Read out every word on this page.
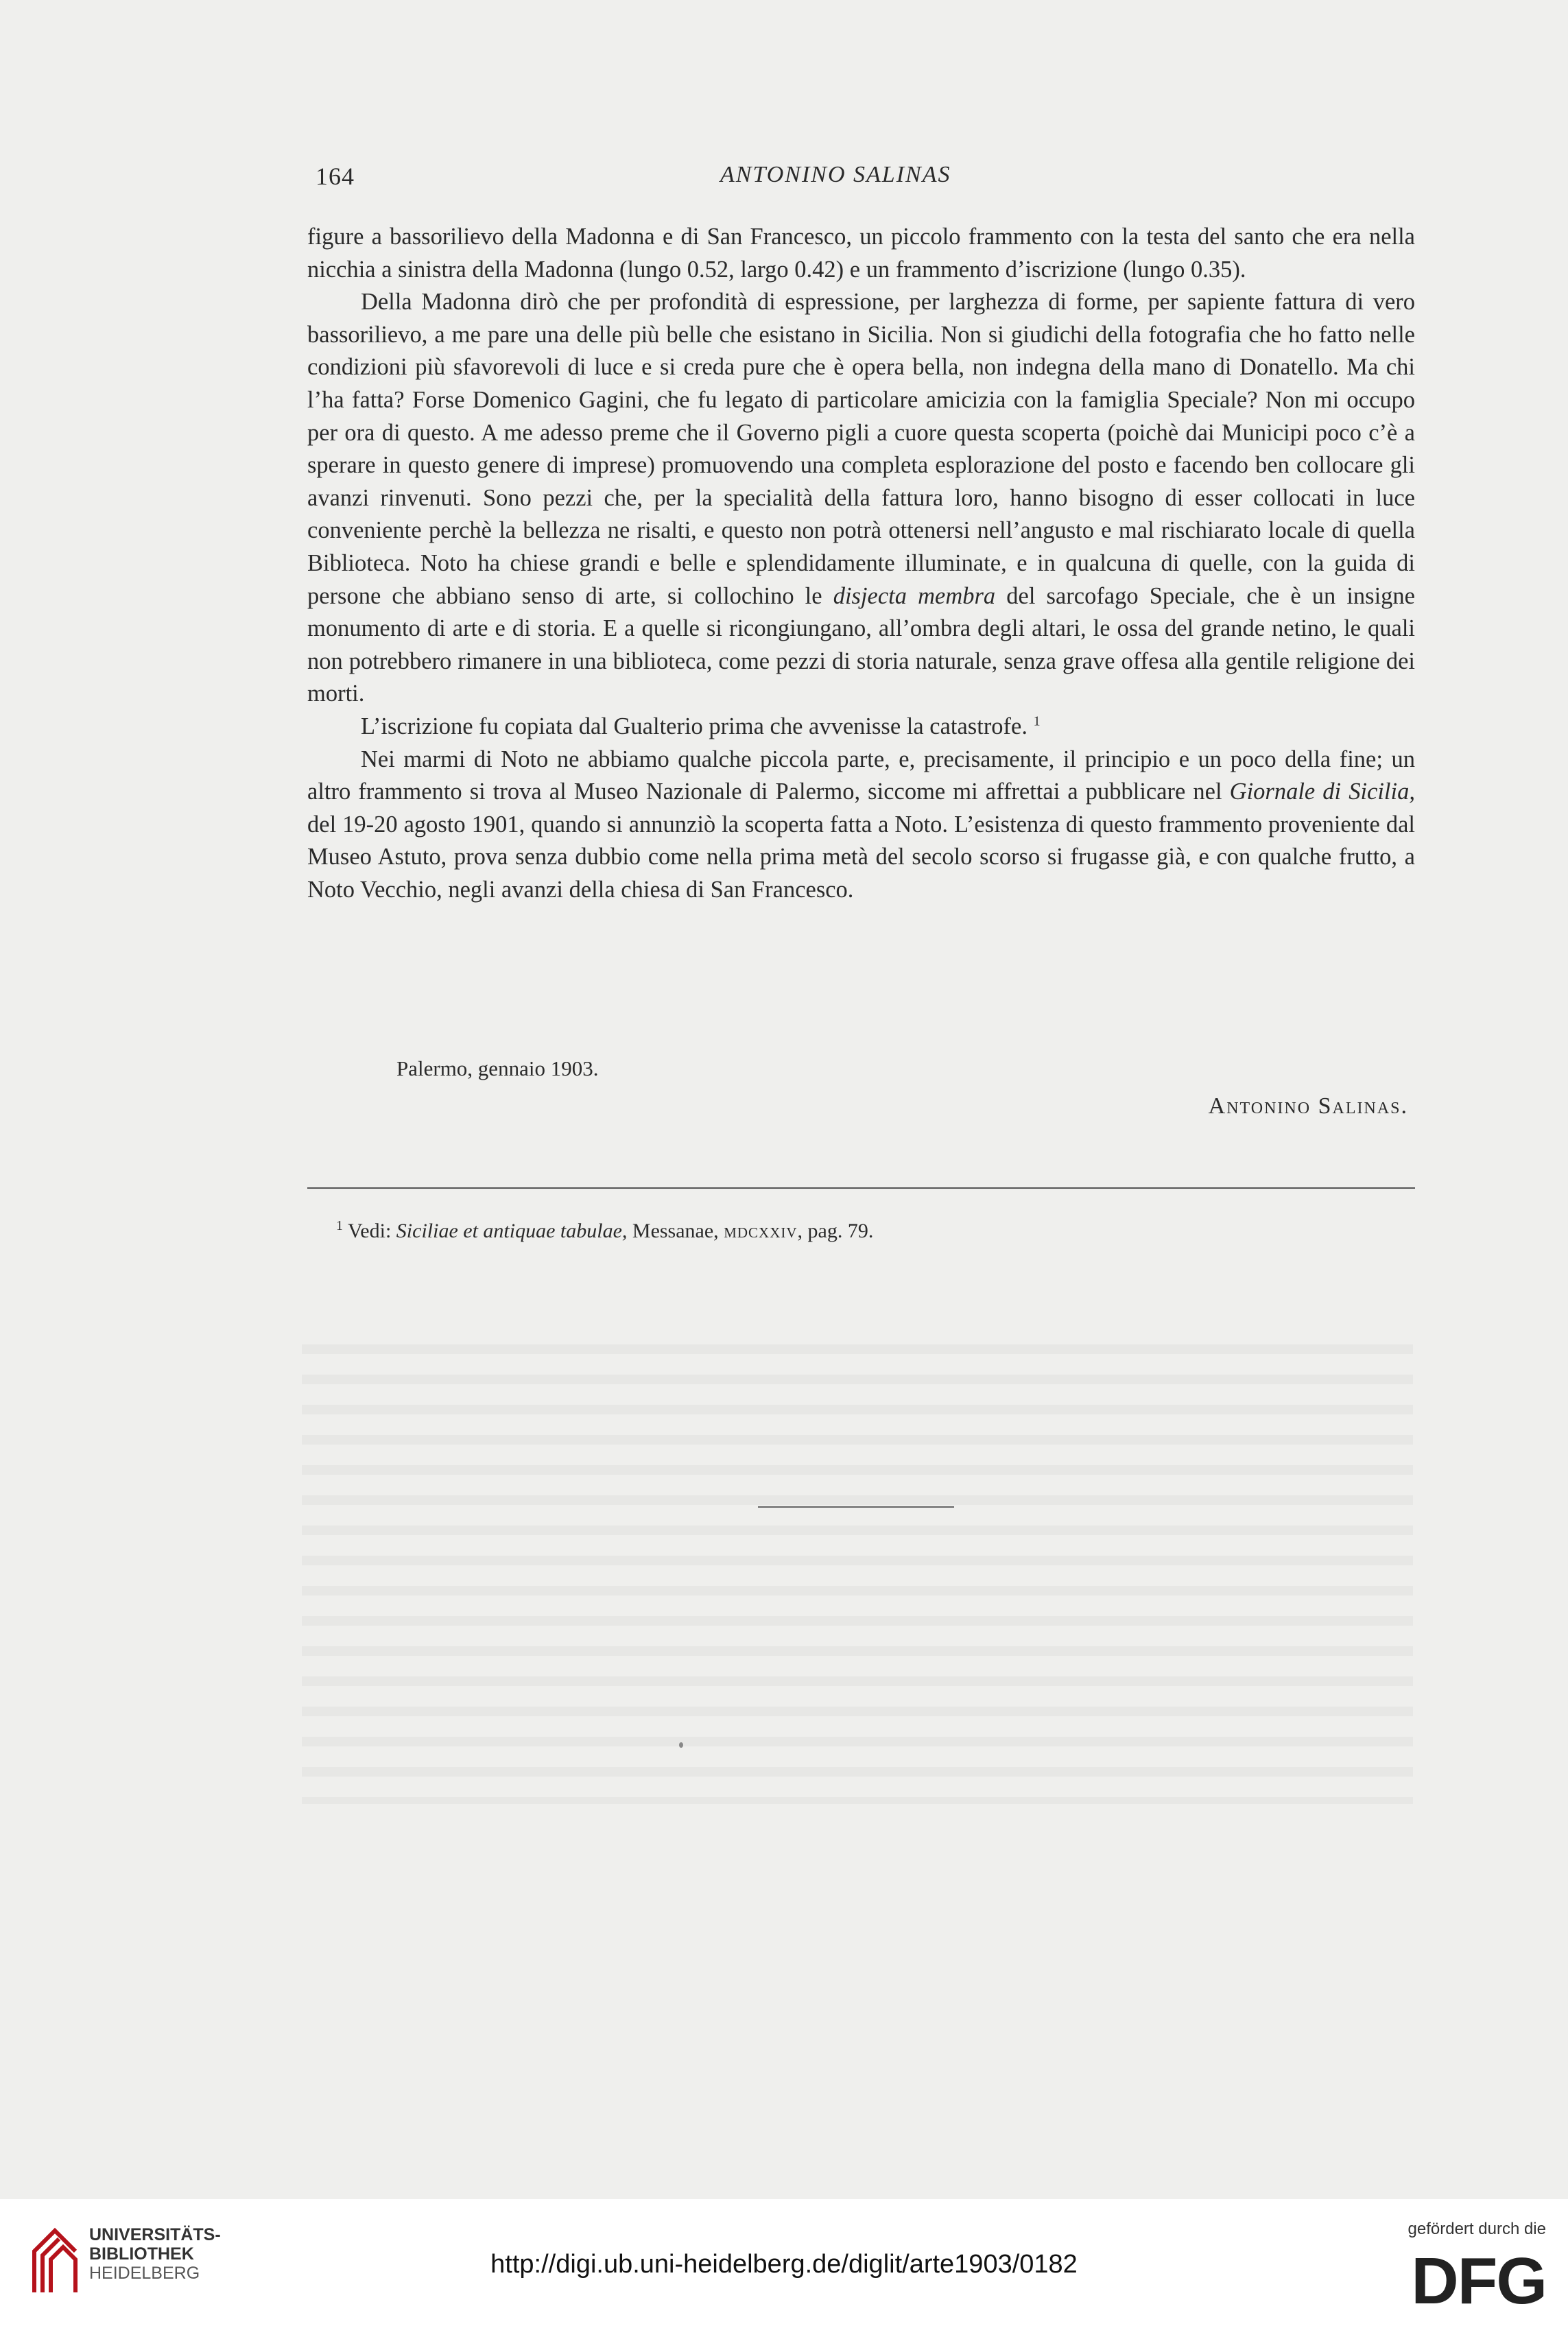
164	ANTONINO SALINAS

figure a bassorilievo della Madonna e di San Francesco, un piccolo frammento con la testa del santo che era nella nicchia a sinistra della Madonna (lungo 0.52, largo 0.42) e un frammento d’iscrizione (lungo 0.35).

Della Madonna dirò che per profondità di espressione, per larghezza di forme, per sapiente fattura di vero bassorilievo, a me pare una delle più belle che esistano in Sicilia. Non si giudichi della fotografia che ho fatto nelle condizioni più sfavorevoli di luce e si creda pure che è opera bella, non indegna della mano di Donatello. Ma chi l’ha fatta? Forse Domenico Gagini, che fu legato di particolare amicizia con la famiglia Speciale? Non mi occupo per ora di questo. A me adesso preme che il Governo pigli a cuore questa scoperta (poichè dai Municipi poco c’è a sperare in questo genere di imprese) promuovendo una completa esplorazione del posto e facendo ben collocare gli avanzi rinvenuti. Sono pezzi che, per la specialità della fattura loro, hanno bisogno di esser collocati in luce conveniente perchè la bellezza ne risalti, e questo non potrà ottenersi nell’angusto e mal rischiarato locale di quella Biblioteca. Noto ha chiese grandi e belle e splendidamente illuminate, e in qualcuna di quelle, con la guida di persone che abbiano senso di arte, si collochino le disjecta membra del sarcofago Speciale, che è un insigne monumento di arte e di storia. E a quelle si ricongiungano, all’ombra degli altari, le ossa del grande netino, le quali non potrebbero rimanere in una biblioteca, come pezzi di storia naturale, senza grave offesa alla gentile religione dei morti.

L’iscrizione fu copiata dal Gualterio prima che avvenisse la catastrofe. $^1$

Nei marmi di Noto ne abbiamo qualche piccola parte, e, precisamente, il principio e un poco della fine; un altro frammento si trova al Museo Nazionale di Palermo, siccome mi affrettai a pubblicare nel Giornale di Sicilia, del 19-20 agosto 1901, quando si annunziò la scoperta fatta a Noto. L’esistenza di questo frammento proveniente dal Museo Astuto, prova senza dubbio come nella prima metà del secolo scorso si frugasse già, e con qualche frutto, a Noto Vecchio, negli avanzi della chiesa di San Francesco.

Palermo, gennaio 1903.
Antonino Salinas.
$^1$ Vedi: Siciliae et antiquae tabulae, Messanae, mdcxxiv, pag. 79.
UNIVERSITÄTS-
BIBLIOTHEK
HEIDELBERG	http://digi.ub.uni-heidelberg.de/diglit/arte1903/0182
gefördert durch die
DFG
